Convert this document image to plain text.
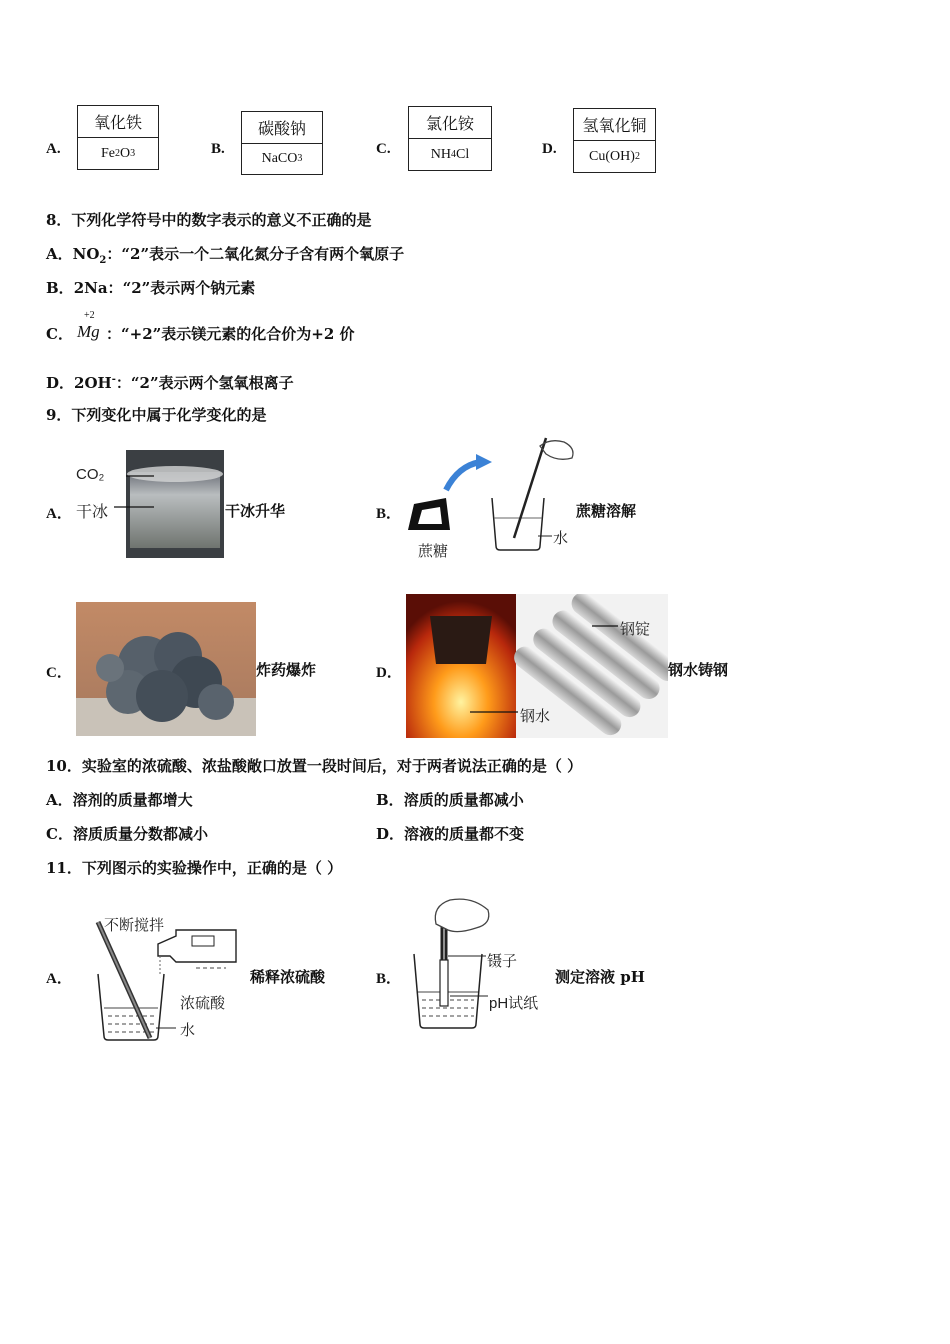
A.
氧化铁
Fe 2 O 3	B.
碳酸钠
NaCO 3
C.
氯化铵
NH 4 Cl	D.
氢氧化铜
Cu(OH) 2
8．下列化学符号中的数字表示的意义不正确的是
A．$NO_2$：“2”表示一个二氧化氮分子含有两个氧原子
B．2Na：“2”表示两个钠元素
C．
+2
Mg ：“+2”表示镁元素的化合价为+2 价
D．2OH-：“2”表示两个氢氧根离子
9．下列变化中属于化学变化的是
A．
CO₂
干冰	干冰升华	B．
蔗糖
水
蔗糖溶解
C．	炸药爆炸	D．
钢锭
钢水
钢水铸钢
10．实验室的浓硫酸、浓盐酸敞口放置一段时间后，对于两者说法正确的是（ ）
A．溶剂的质量都增大	B．溶质的质量都减小
C．溶质质量分数都减小	D．溶液的质量都不变
11．下列图示的实验操作中，正确的是（ ）
A．
不断搅拌
浓硫酸
水
稀释浓硫酸	B．
镊子
pH试纸
测定溶液 pH
